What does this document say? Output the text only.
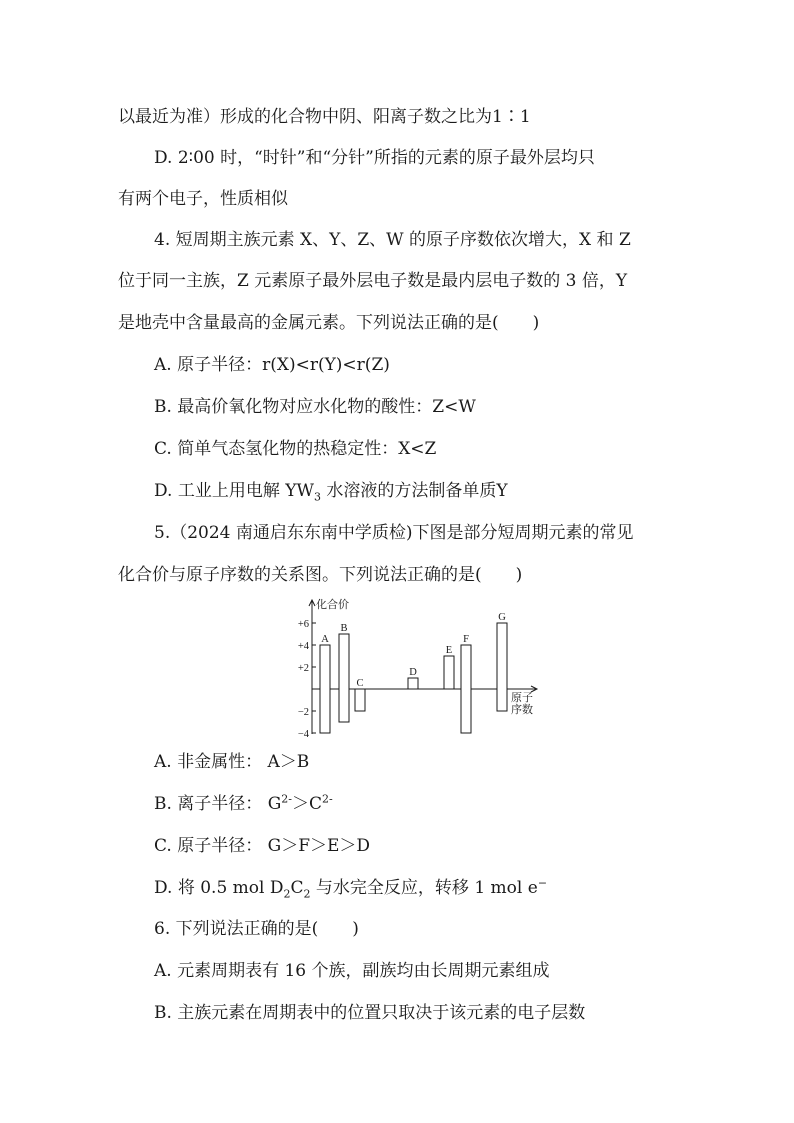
以最近为准）形成的化合物中阴、阳离子数之比为1∶1
D. 2∶00 时，“时针”和“分针”所指的元素的原子最外层均只
有两个电子，性质相似
4. 短周期主族元素 X、Y、Z、W 的原子序数依次增大，X 和 Z
位于同一主族，Z 元素原子最外层电子数是最内层电子数的 3 倍，Y
是地壳中含量最高的金属元素。下列说法正确的是(　　)
A. 原子半径：r(X)<r(Y)<r(Z)
B. 最高价氧化物对应水化物的酸性：Z<W
C. 简单气态氢化物的热稳定性：X<Z
D. 工业上用电解 $YW_3$ 水溶液的方法制备单质Y
5.（2024 南通启东东南中学质检)下图是部分短周期元素的常见
化合价与原子序数的关系图。下列说法正确的是(　　)
化合价
原子
序数
+6
+4
+2
−2
−4
A
B
C
D
E
F
G
A. 非金属性： A＞B
B. 离子半径： $G^{2-}>C^{2-}$
C. 原子半径： G＞F＞E＞D
D. 将 0.5 mol $D_2C_2$ 与水完全反应，转移 1 mol e−
6. 下列说法正确的是(　　)
A. 元素周期表有 16 个族，副族均由长周期元素组成
B. 主族元素在周期表中的位置只取决于该元素的电子层数
